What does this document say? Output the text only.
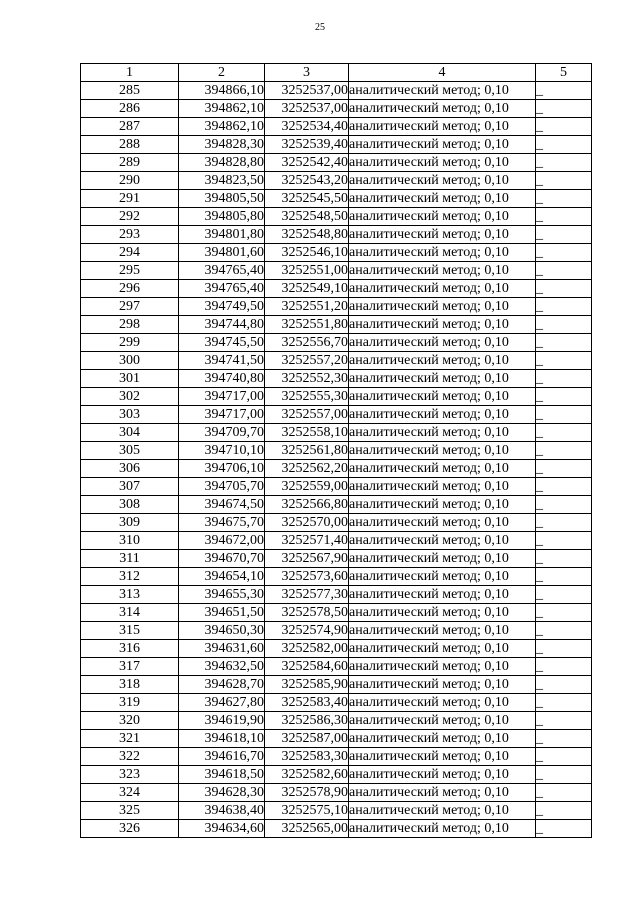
25
1	2	3	4	5
285	394866,10	3252537,00	аналитический метод; 0,10	_
286	394862,10	3252537,00	аналитический метод; 0,10	_
287	394862,10	3252534,40	аналитический метод; 0,10	_
288	394828,30	3252539,40	аналитический метод; 0,10	_
289	394828,80	3252542,40	аналитический метод; 0,10	_
290	394823,50	3252543,20	аналитический метод; 0,10	_
291	394805,50	3252545,50	аналитический метод; 0,10	_
292	394805,80	3252548,50	аналитический метод; 0,10	_
293	394801,80	3252548,80	аналитический метод; 0,10	_
294	394801,60	3252546,10	аналитический метод; 0,10	_
295	394765,40	3252551,00	аналитический метод; 0,10	_
296	394765,40	3252549,10	аналитический метод; 0,10	_
297	394749,50	3252551,20	аналитический метод; 0,10	_
298	394744,80	3252551,80	аналитический метод; 0,10	_
299	394745,50	3252556,70	аналитический метод; 0,10	_
300	394741,50	3252557,20	аналитический метод; 0,10	_
301	394740,80	3252552,30	аналитический метод; 0,10	_
302	394717,00	3252555,30	аналитический метод; 0,10	_
303	394717,00	3252557,00	аналитический метод; 0,10	_
304	394709,70	3252558,10	аналитический метод; 0,10	_
305	394710,10	3252561,80	аналитический метод; 0,10	_
306	394706,10	3252562,20	аналитический метод; 0,10	_
307	394705,70	3252559,00	аналитический метод; 0,10	_
308	394674,50	3252566,80	аналитический метод; 0,10	_
309	394675,70	3252570,00	аналитический метод; 0,10	_
310	394672,00	3252571,40	аналитический метод; 0,10	_
311	394670,70	3252567,90	аналитический метод; 0,10	_
312	394654,10	3252573,60	аналитический метод; 0,10	_
313	394655,30	3252577,30	аналитический метод; 0,10	_
314	394651,50	3252578,50	аналитический метод; 0,10	_
315	394650,30	3252574,90	аналитический метод; 0,10	_
316	394631,60	3252582,00	аналитический метод; 0,10	_
317	394632,50	3252584,60	аналитический метод; 0,10	_
318	394628,70	3252585,90	аналитический метод; 0,10	_
319	394627,80	3252583,40	аналитический метод; 0,10	_
320	394619,90	3252586,30	аналитический метод; 0,10	_
321	394618,10	3252587,00	аналитический метод; 0,10	_
322	394616,70	3252583,30	аналитический метод; 0,10	_
323	394618,50	3252582,60	аналитический метод; 0,10	_
324	394628,30	3252578,90	аналитический метод; 0,10	_
325	394638,40	3252575,10	аналитический метод; 0,10	_
326	394634,60	3252565,00	аналитический метод; 0,10	_
